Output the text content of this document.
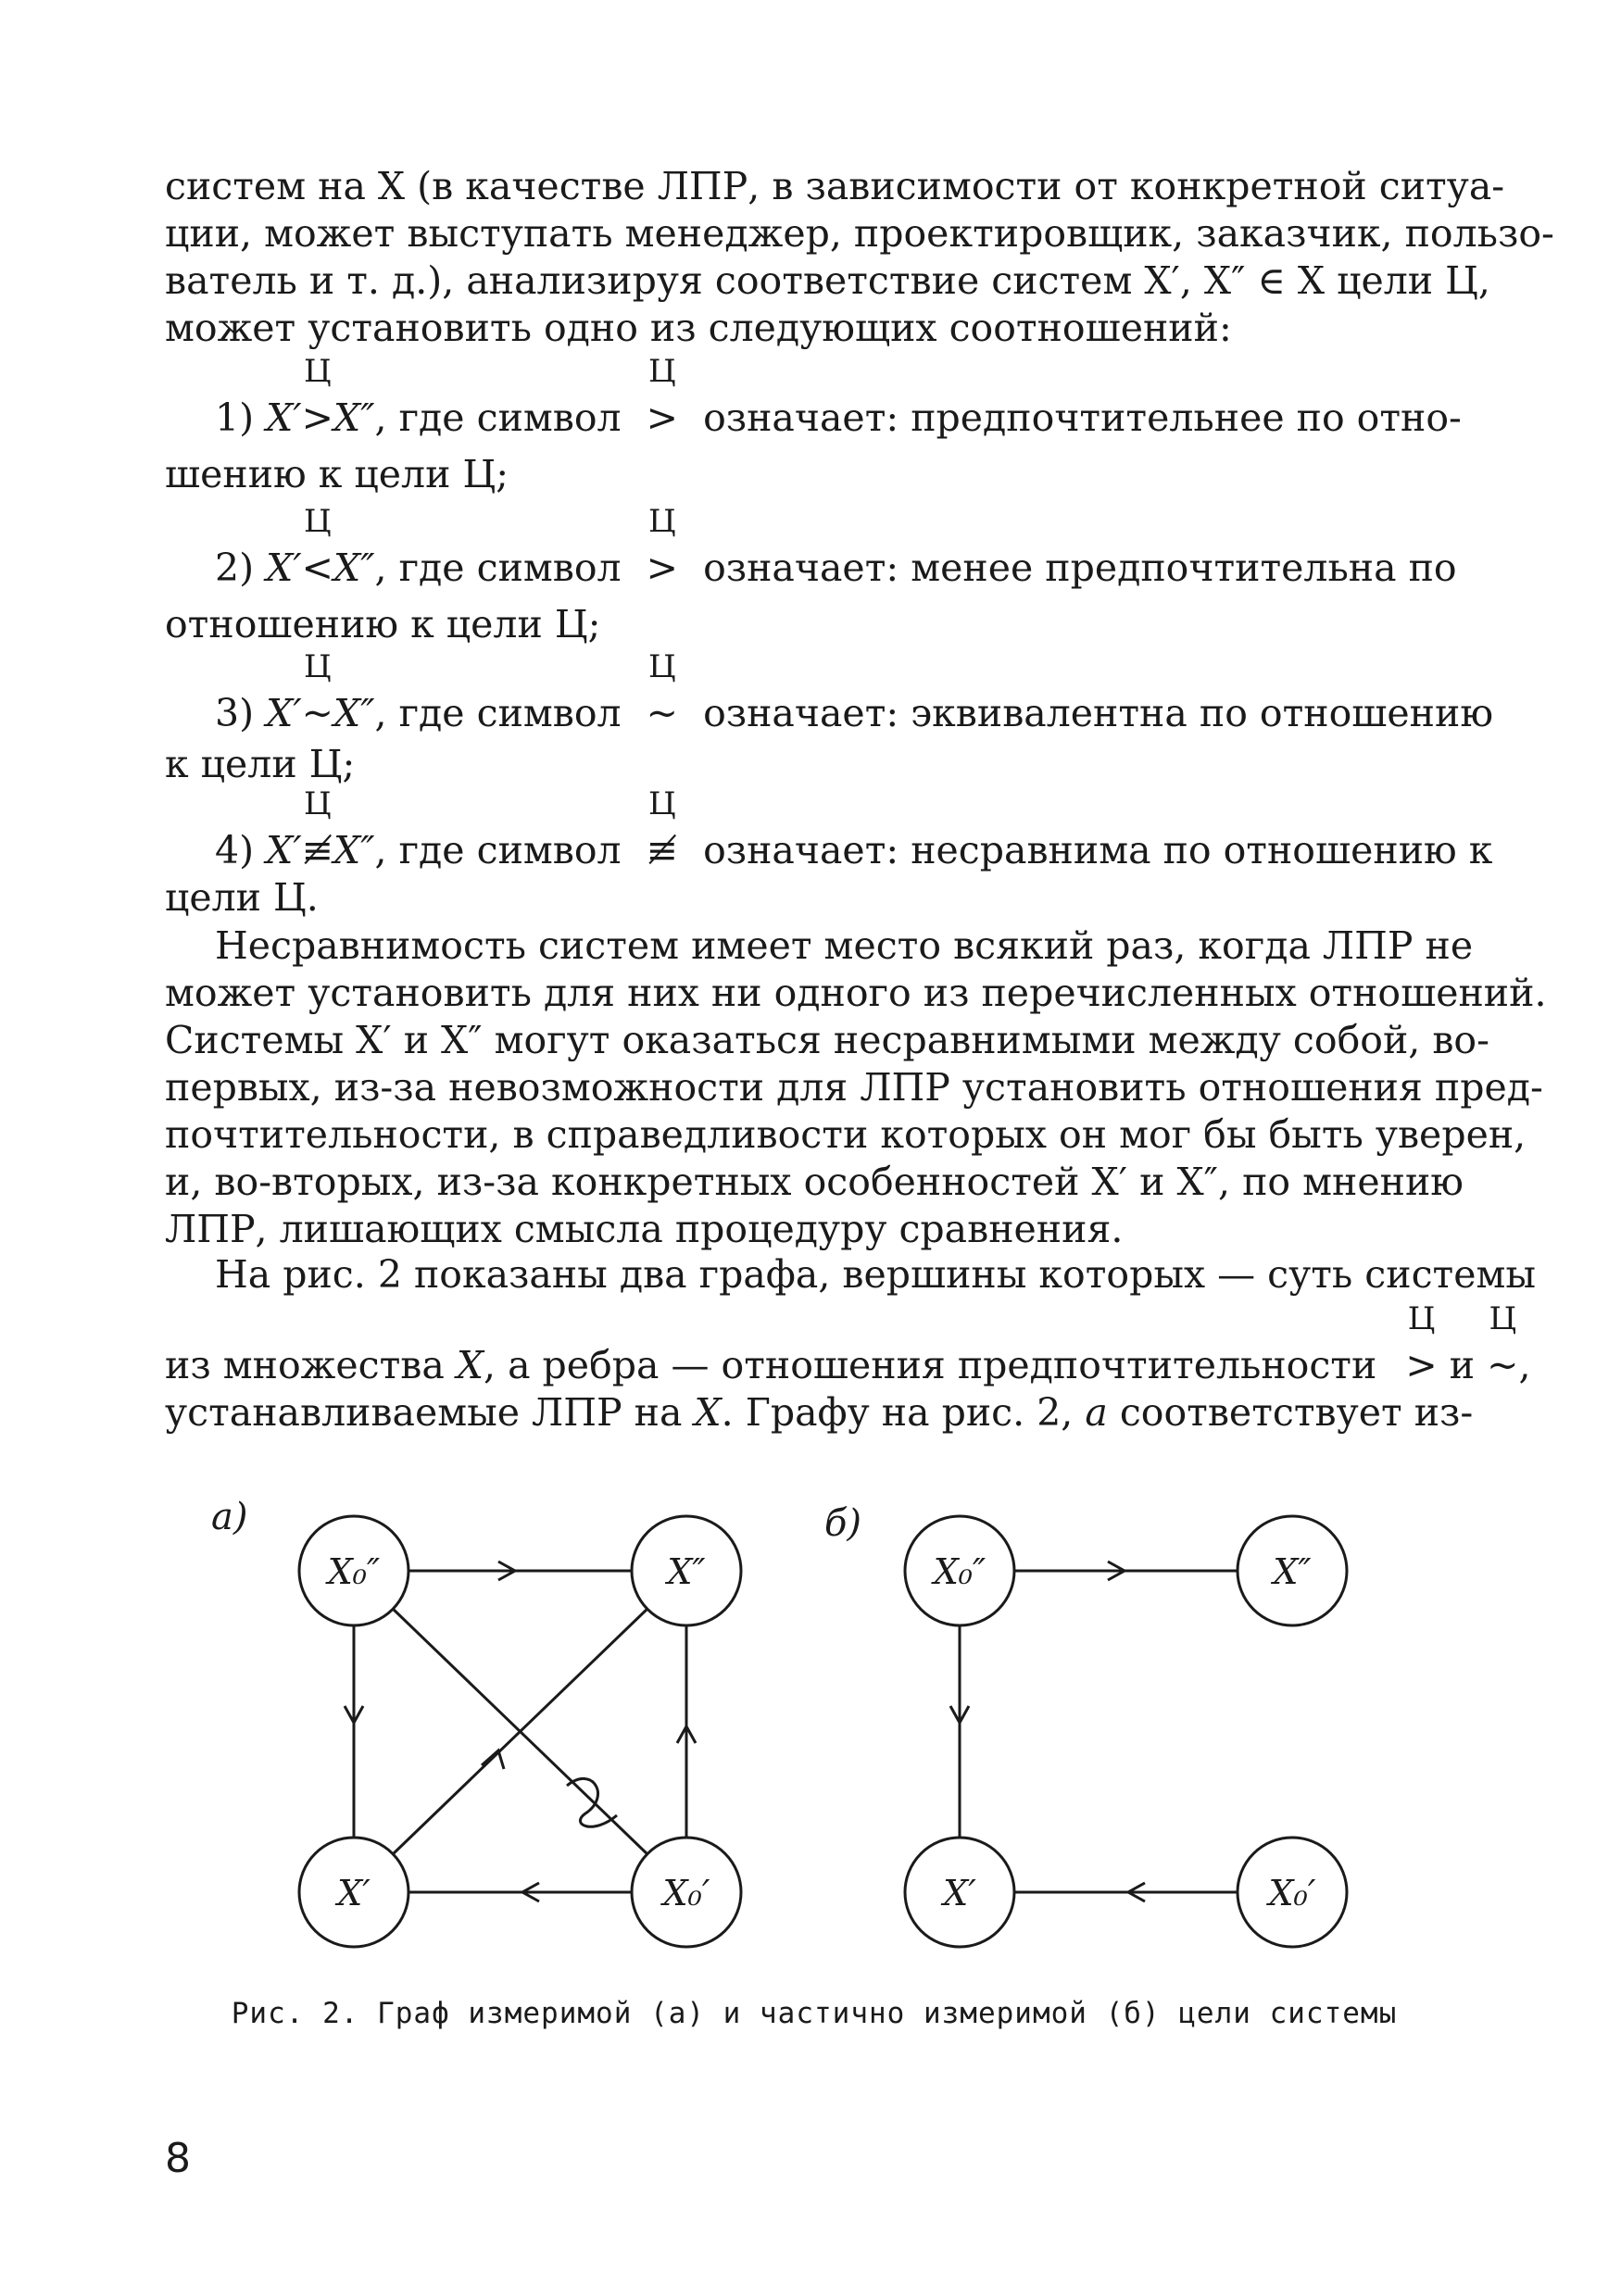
систем на X (в качестве ЛПР, в зависимости от конкретной ситуа-
ции, может выступать менеджер, проектировщик, заказчик, пользо-
ватель и т. д.), анализируя соответствие систем X′, X″ ∈ X цели Ц,
может установить одно из следующих соотношений:
1) X′
Ц
>X″, где символ
Ц
> означает: предпочтительнее по отно-
шению к цели Ц;
2) X′
Ц
<X″, где символ
Ц
> означает: менее предпочтительна по
отношению к цели Ц;
3) X′
Ц
~X″, где символ
Ц
~ означает: эквивалентна по отношению
к цели Ц;
4) X′
Ц
≢X″, где символ
Ц
≢ означает: несравнима по отношению к
цели Ц.
Несравнимость систем имеет место всякий раз, когда ЛПР не
может установить для них ни одного из перечисленных отношений.
Системы X′ и X″ могут оказаться несравнимыми между собой, во-
первых, из-за невозможности для ЛПР установить отношения пред-
почтительности, в справедливости которых он мог бы быть уверен,
и, во-вторых, из-за конкретных особенностей X′ и X″, по мнению
ЛПР, лишающих смысла процедуру сравнения.
На рис. 2 показаны два графа, вершины которых — суть системы
из множества X, а ребра — отношения предпочтительности
Ц
> и
Ц
~,
устанавливаемые ЛПР на X. Графу на рис. 2, а соответствует из-
а)	б)
X₀″	X″
X′	X₀′
X₀″	X″
X′	X₀′
Рис. 2. Граф измеримой (а) и частично измеримой (б) цели системы
8
